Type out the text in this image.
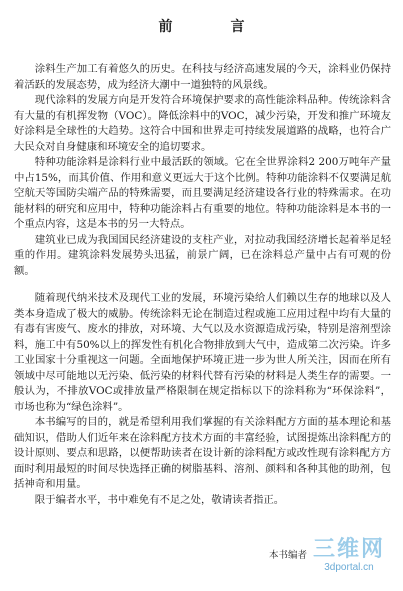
前　言

涂料生产加工有着悠久的历史。在科技与经济高速发展的今天，涂料业仍保持着活跃的发展态势，成为经济大潮中一道独特的风景线。

现代涂料的发展方向是开发符合环境保护要求的高性能涂料品种。传统涂料含有大量的有机挥发物（VOC）。降低涂料中的VOC，减少污染，开发和推广环境友好涂料是全球性的大趋势。这符合中国和世界走可持续发展道路的战略，也符合广大民众对自身健康和环境安全的追切要求。

特种功能涂料是涂料行业中最活跃的领域。它在全世界涂料2 200万吨年产量中占15%，而其价值、作用和意义更远大于这个比例。特种功能涂料不仅要满足航空航天等国防尖端产品的特殊需要，而且要满足经济建设各行业的特殊需求。在功能材料的研究和应用中，特种功能涂料占有重要的地位。特种功能涂料是本书的一个重点内容，这是本书的另一大特点。

建筑业已成为我国国民经济建设的支柱产业，对拉动我国经济增长起着举足轻重的作用。建筑涂料发展势头迅猛，前景广阔，已在涂料总产量中占有可观的份额。

随着现代纳米技术及现代工业的发展，环境污染给人们赖以生存的地球以及人类本身造成了极大的威胁。传统涂料无论在制造过程或施工应用过程中均有大量的有毒有害废气、废水的排放，对环境、大气以及水资源造成污染，特别是溶剂型涂料，施工中有50%以上的挥发性有机化合物排放到大气中，造成第二次污染。许多工业国家十分重视这一问题。全面地保护环境正进一步为世人所关注，因而在所有领域中尽可能地以无污染、低污染的材料代替有污染的材料是人类生存的需要。一般认为，不排放VOC或排放量严格限制在规定指标以下的涂料称为“环保涂料”，市场也称为“绿色涂料”。

本书编写的目的，就是希望利用我们掌握的有关涂料配方方面的基本理论和基础知识，借助人们近年来在涂料配方技术方面的丰富经验，试图提炼出涂料配方的设计原则、要点和思路，以便帮助读者在设计新的涂料配方或改性现有涂料配方方面时利用最短的时间尽快选择正确的树脂基料、溶剂、颜料和各种其他的助剂，包括神奇和用量。

限于编者水平，书中难免有不足之处，敬请读者指正。

本书编者 三维网
3dportal.cn
